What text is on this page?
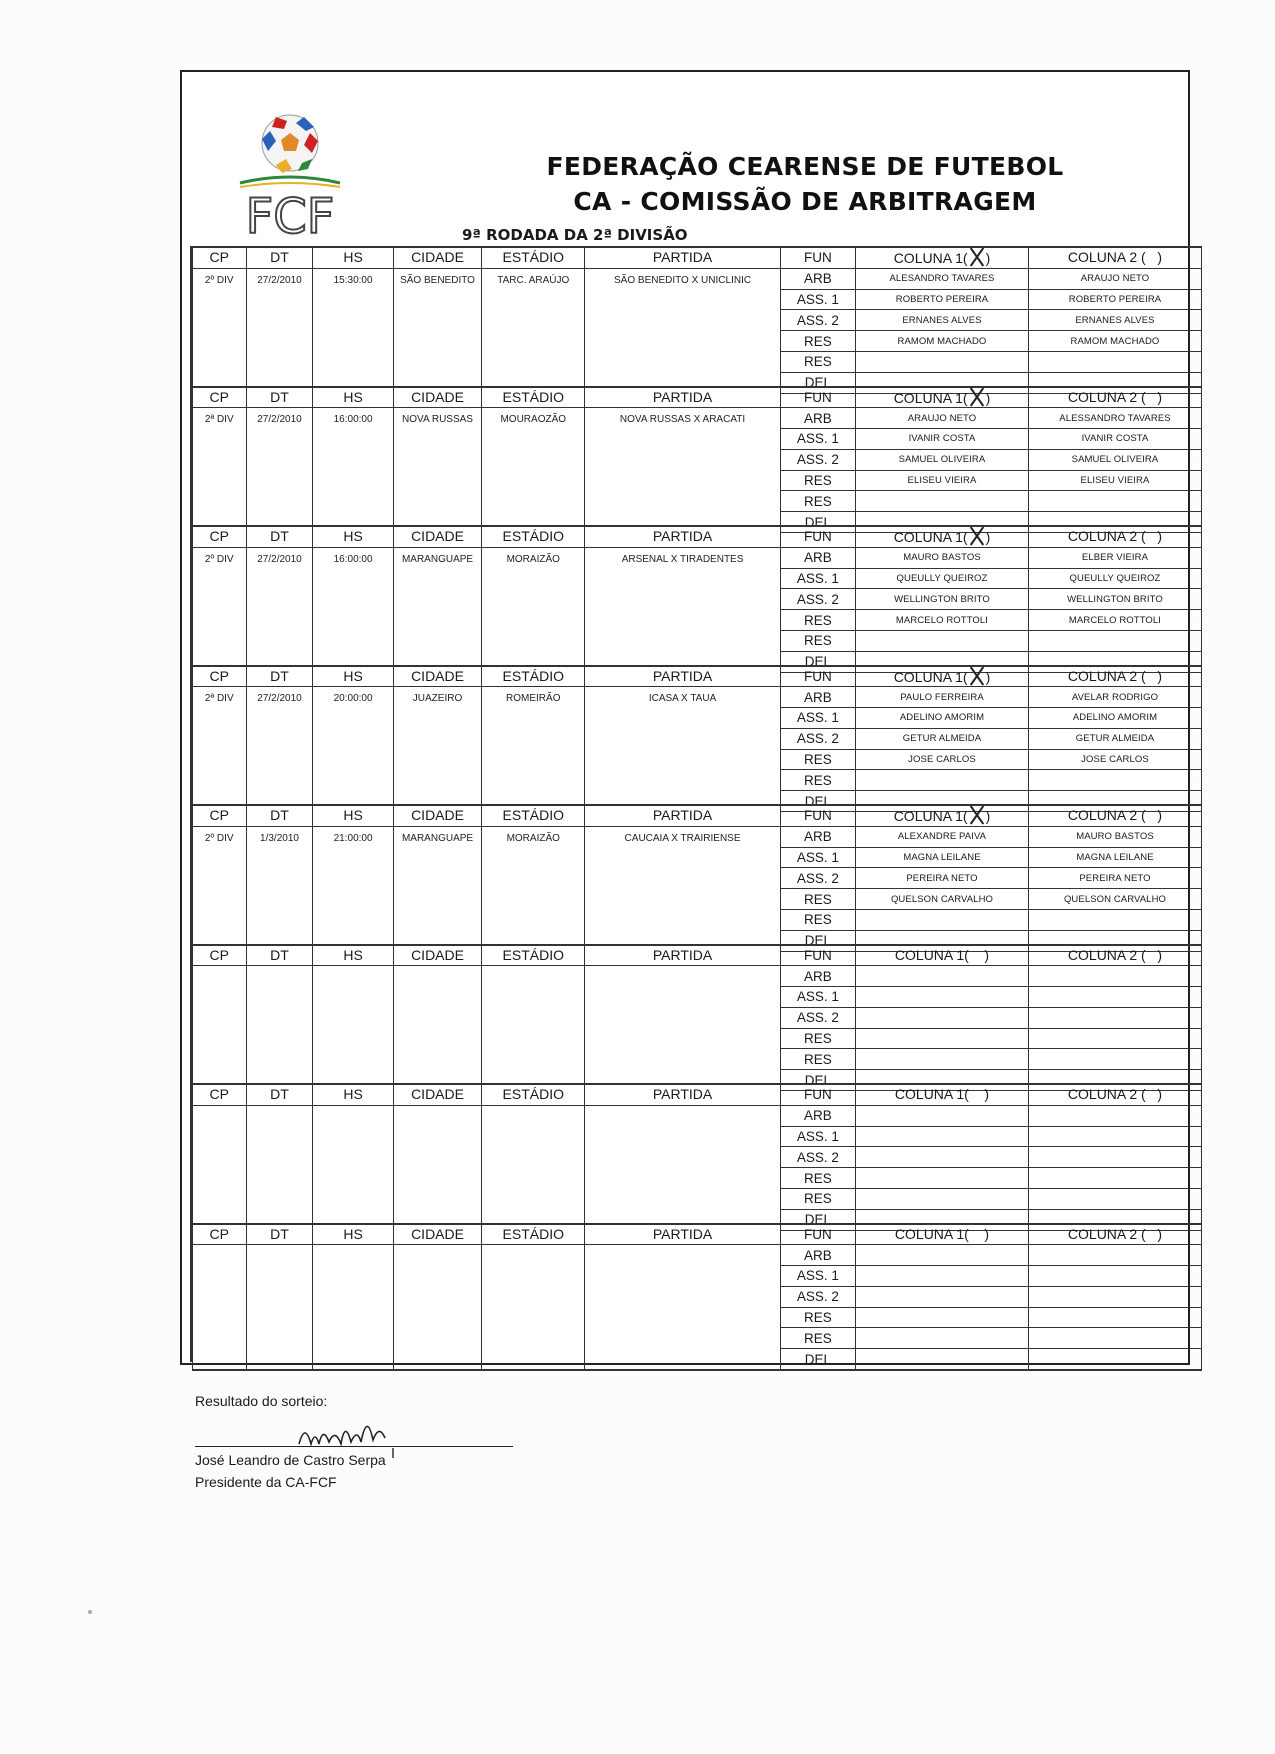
FCF
FEDERAÇÃO CEARENSE DE FUTEBOL
CA - COMISSÃO DE ARBITRAGEM
9ª RODADA DA 2ª DIVISÃO
CP	DT	HS	CIDADE	ESTÁDIO	PARTIDA	FUN	COLUNA 1( )	COLUNA 2 (   )
2º DIV	27/2/2010	15:30:00	SÃO BENEDITO	TARC. ARAÚJO	SÃO BENEDITO X UNICLINIC	ARB	ALESANDRO TAVARES	ARAUJO NETO
						ASS. 1	ROBERTO PEREIRA	ROBERTO PEREIRA
						ASS. 2	ERNANES ALVES	ERNANES ALVES
						RES	RAMOM MACHADO	RAMOM MACHADO
						RES		
						DEL		
CP	DT	HS	CIDADE	ESTÁDIO	PARTIDA	FUN	COLUNA 1( )	COLUNA 2 (   )
2ª DIV	27/2/2010	16:00:00	NOVA RUSSAS	MOURAOZÃO	NOVA RUSSAS X ARACATI	ARB	ARAUJO NETO	ALESSANDRO TAVARES
						ASS. 1	IVANIR COSTA	IVANIR COSTA
						ASS. 2	SAMUEL OLIVEIRA	SAMUEL OLIVEIRA
						RES	ELISEU VIEIRA	ELISEU VIEIRA
						RES		
						DEL		
CP	DT	HS	CIDADE	ESTÁDIO	PARTIDA	FUN	COLUNA 1( )	COLUNA 2 (   )
2º DIV	27/2/2010	16:00:00	MARANGUAPE	MORAIZÃO	ARSENAL X TIRADENTES	ARB	MAURO BASTOS	ELBER VIEIRA
						ASS. 1	QUEULLY QUEIROZ	QUEULLY QUEIROZ
						ASS. 2	WELLINGTON BRITO	WELLINGTON BRITO
						RES	MARCELO ROTTOLI	MARCELO ROTTOLI
						RES		
						DEL		
CP	DT	HS	CIDADE	ESTÁDIO	PARTIDA	FUN	COLUNA 1( )	COLUNA 2 (   )
2ª DIV	27/2/2010	20:00:00	JUAZEIRO	ROMEIRÃO	ICASA X TAUA	ARB	PAULO FERREIRA	AVELAR RODRIGO
						ASS. 1	ADELINO AMORIM	ADELINO AMORIM
						ASS. 2	GETUR ALMEIDA	GETUR ALMEIDA
						RES	JOSE CARLOS	JOSE CARLOS
						RES		
						DEL		
CP	DT	HS	CIDADE	ESTÁDIO	PARTIDA	FUN	COLUNA 1( )	COLUNA 2 (   )
2º DIV	1/3/2010	21:00:00	MARANGUAPE	MORAIZÃO	CAUCAIA X TRAIRIENSE	ARB	ALEXANDRE PAIVA	MAURO BASTOS
						ASS. 1	MAGNA LEILANE	MAGNA LEILANE
						ASS. 2	PEREIRA NETO	PEREIRA NETO
						RES	QUELSON CARVALHO	QUELSON CARVALHO
						RES		
						DEL		
CP	DT	HS	CIDADE	ESTÁDIO	PARTIDA	FUN	COLUNA 1(    )	COLUNA 2 (   )
						ARB		
						ASS. 1		
						ASS. 2		
						RES		
						RES		
						DEL		
CP	DT	HS	CIDADE	ESTÁDIO	PARTIDA	FUN	COLUNA 1(    )	COLUNA 2 (   )
						ARB		
						ASS. 1		
						ASS. 2		
						RES		
						RES		
						DEL		
CP	DT	HS	CIDADE	ESTÁDIO	PARTIDA	FUN	COLUNA 1(    )	COLUNA 2 (   )
						ARB		
						ASS. 1		
						ASS. 2		
						RES		
						RES		
						DEL		
Resultado do sorteio:
José Leandro de Castro Serpa
Presidente da CA-FCF
